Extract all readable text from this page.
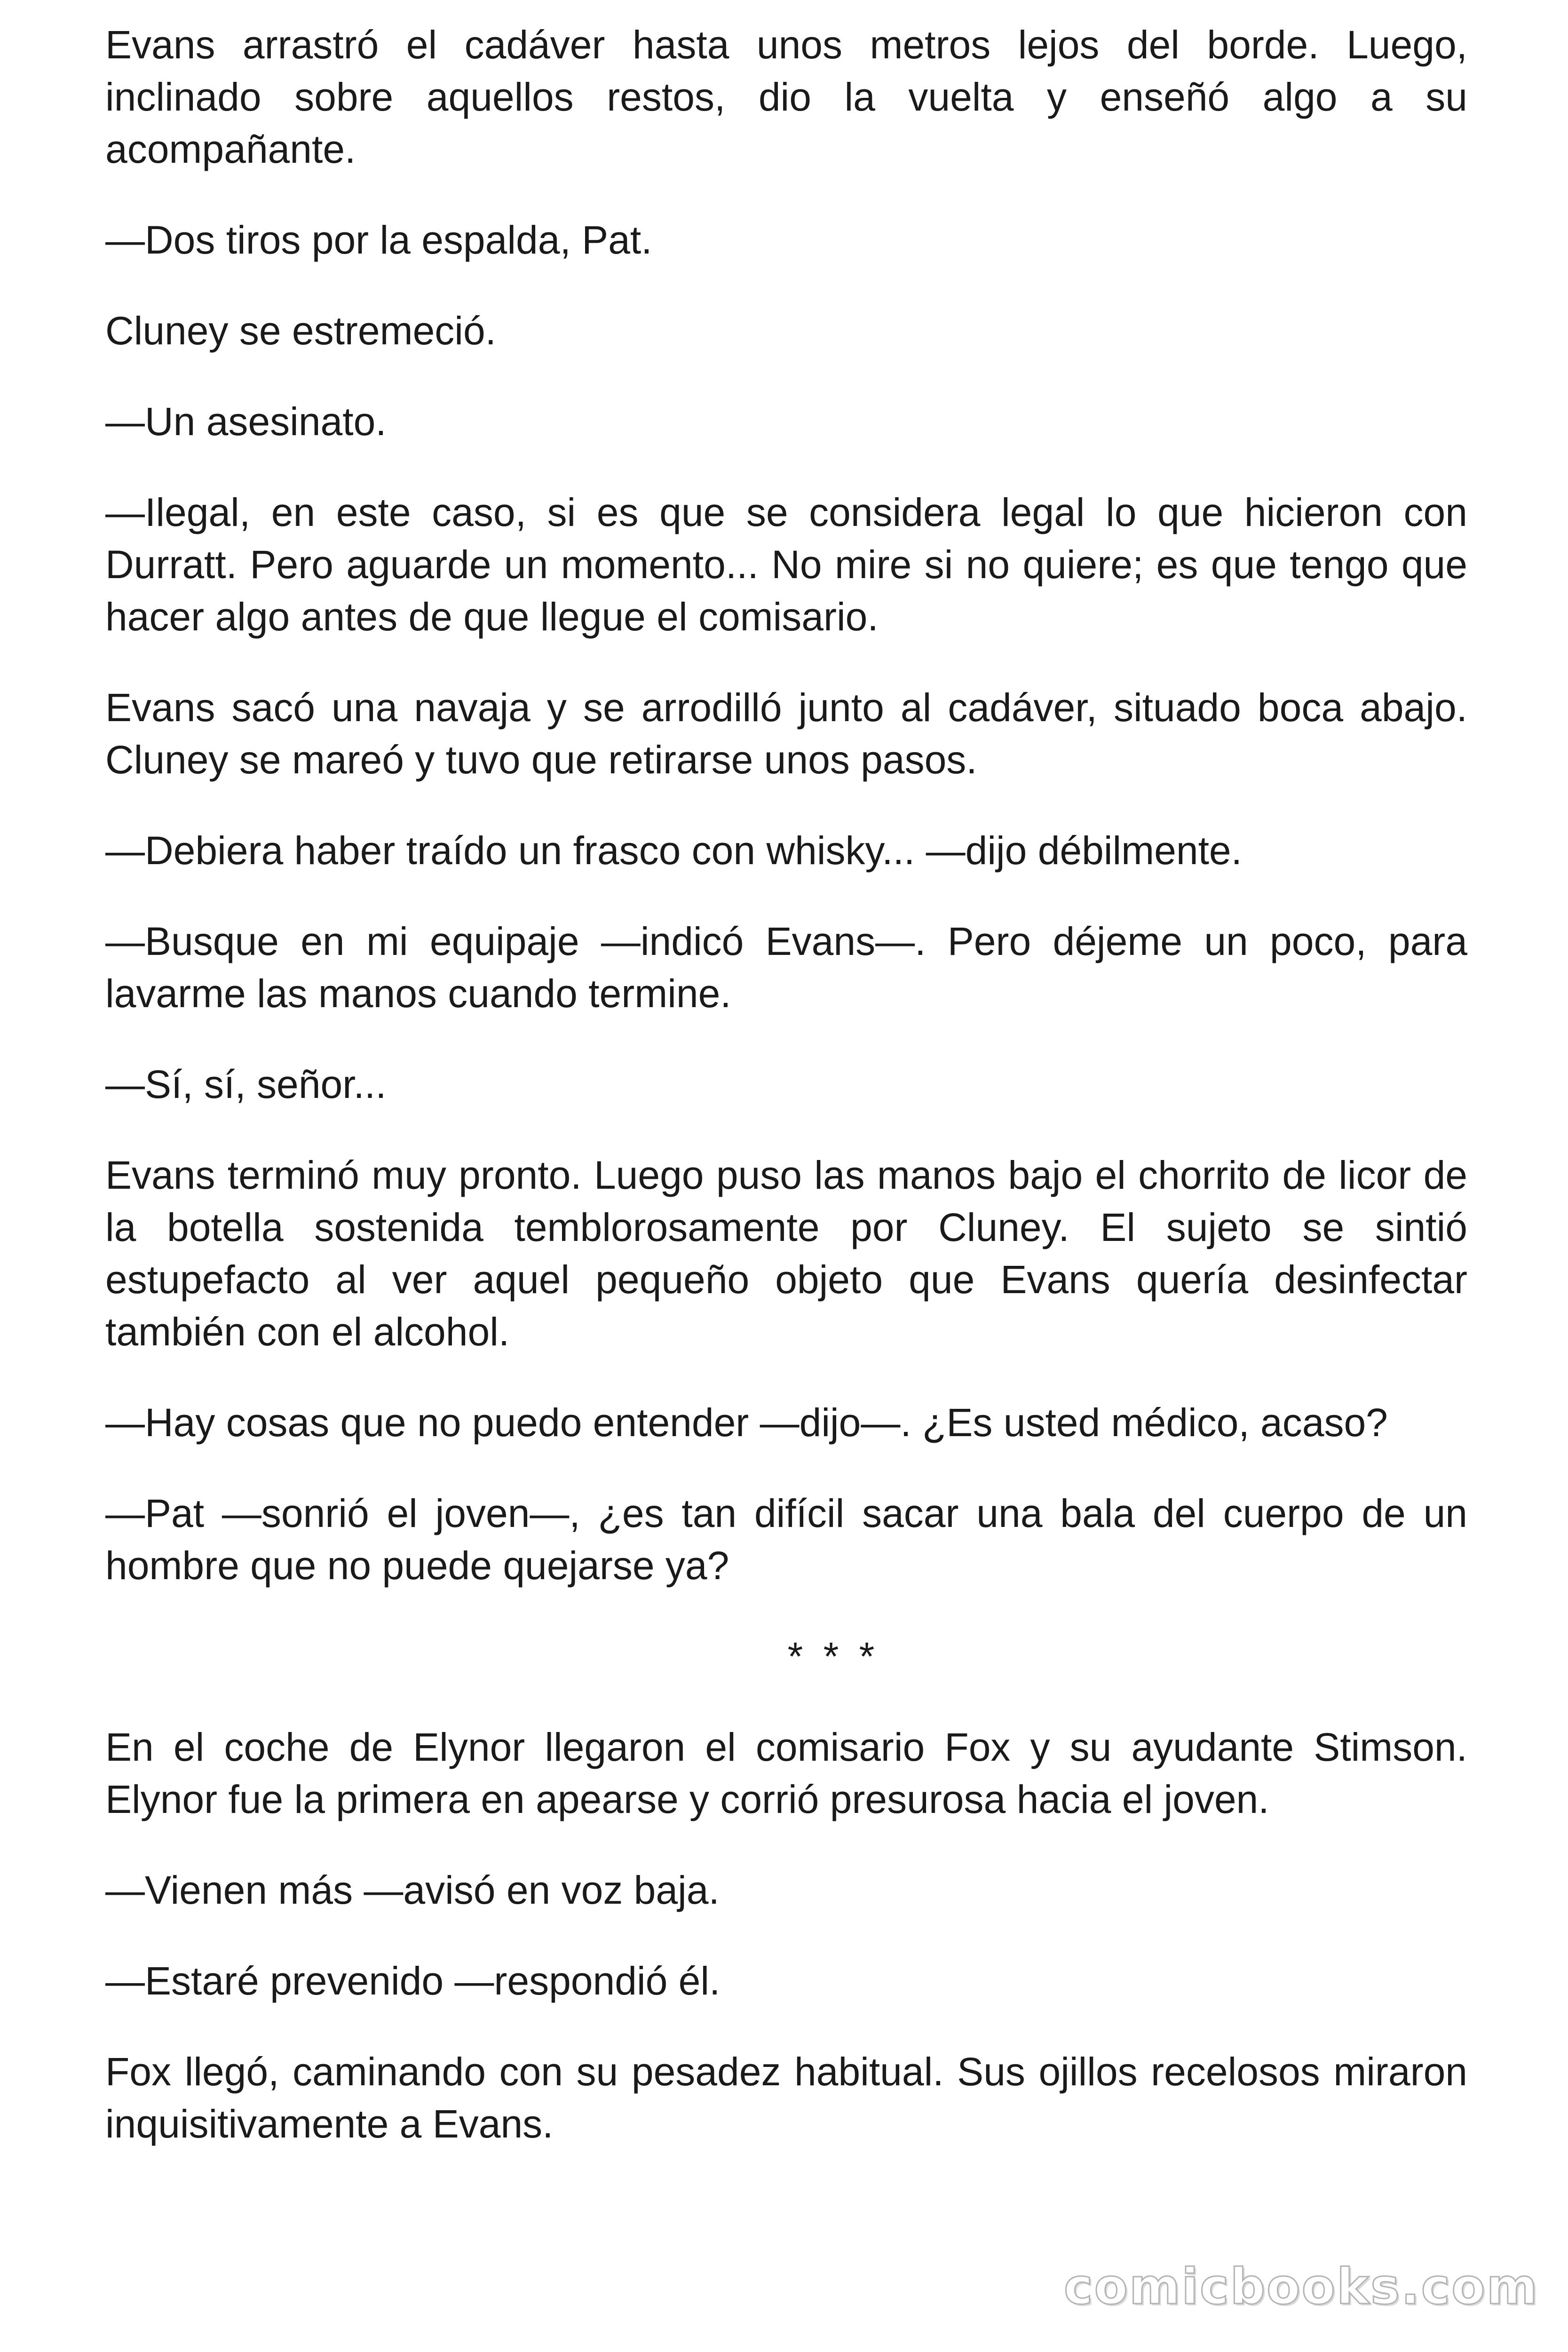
Evans arrastró el cadáver hasta unos metros lejos del borde. Luego, inclinado sobre aquellos restos, dio la vuelta y enseñó algo a su acompañante.

—Dos tiros por la espalda, Pat.

Cluney se estremeció.

—Un asesinato.

—Ilegal, en este caso, si es que se considera legal lo que hicieron con Durratt. Pero aguarde un momento... No mire si no quiere; es que tengo que hacer algo antes de que llegue el comisario.

Evans sacó una navaja y se arrodilló junto al cadáver, situado boca abajo. Cluney se mareó y tuvo que retirarse unos pasos.

—Debiera haber traído un frasco con whisky... —dijo débilmente.

—Busque en mi equipaje —indicó Evans—. Pero déjeme un poco, para lavarme las manos cuando termine.

—Sí, sí, señor...

Evans terminó muy pronto. Luego puso las manos bajo el chorrito de licor de la botella sostenida temblorosamente por Cluney. El sujeto se sintió estupefacto al ver aquel pequeño objeto que Evans quería desinfectar también con el alcohol.

—Hay cosas que no puedo entender —dijo—. ¿Es usted médico, acaso?

—Pat —sonrió el joven—, ¿es tan difícil sacar una bala del cuerpo de un hombre que no puede quejarse ya?

* * *

En el coche de Elynor llegaron el comisario Fox y su ayudante Stimson. Elynor fue la primera en apearse y corrió presurosa hacia el joven.

—Vienen más —avisó en voz baja.

—Estaré prevenido —respondió él.

Fox llegó, caminando con su pesadez habitual. Sus ojillos recelosos miraron inquisitivamente a Evans.

comicbooks.com
